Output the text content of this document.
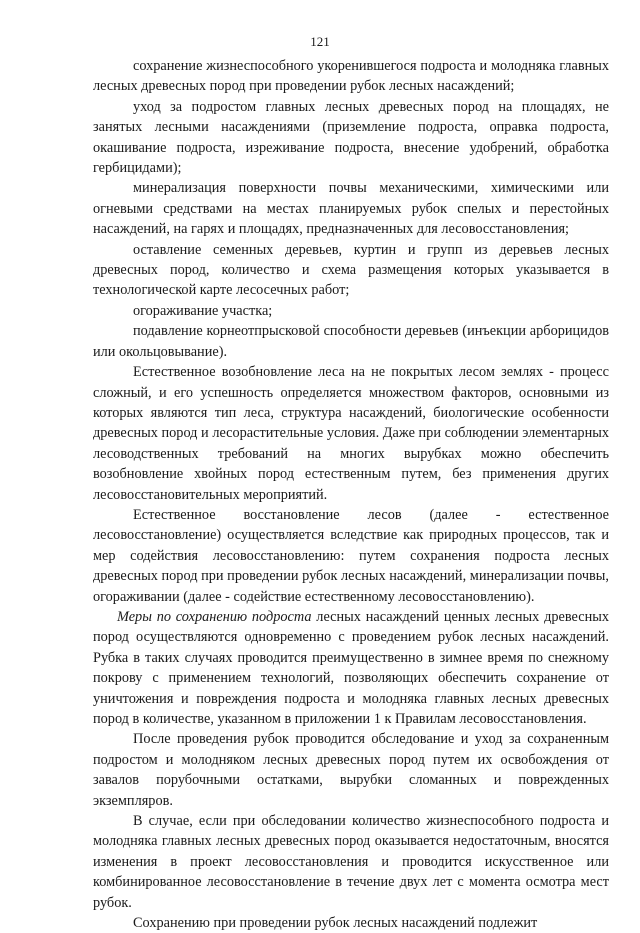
121

сохранение жизнеспособного укоренившегося подроста и молодняка главных лесных древесных пород при проведении рубок лесных насаждений;

уход за подростом главных лесных древесных пород на площадях, не занятых лесными насаждениями (приземление подроста, оправка подроста, окашивание подроста, изреживание подроста, внесение удобрений, обработка гербицидами);

минерализация поверхности почвы механическими, химическими или огневыми средствами на местах планируемых рубок спелых и перестойных насаждений, на гарях и площадях, предназначенных для лесовосстановления;

оставление семенных деревьев, куртин и групп из деревьев лесных древесных пород, количество и схема размещения которых указывается в технологической карте лесосечных работ;

огораживание участка;

подавление корнеотпрысковой способности деревьев (инъекции арборицидов или окольцовывание).

Естественное возобновление леса на не покрытых лесом землях - процесс сложный, и его успешность определяется множеством факторов, основными из которых являются тип леса, структура насаждений, биологические особенности древесных пород и лесорастительные условия. Даже при соблюдении элементарных лесоводственных требований на многих вырубках можно обеспечить возобновление хвойных пород естественным путем, без применения других лесовосстановительных мероприятий.

Естественное восстановление лесов (далее - естественное лесовосстановление) осуществляется вследствие как природных процессов, так и мер содействия лесовосстановлению: путем сохранения подроста лесных древесных пород при проведении рубок лесных насаждений, минерализации почвы, огораживании (далее - содействие естественному лесовосстановлению).

Меры по сохранению подроста лесных насаждений ценных лесных древесных пород осуществляются одновременно с проведением рубок лесных насаждений. Рубка в таких случаях проводится преимущественно в зимнее время по снежному покрову с применением технологий, позволяющих обеспечить сохранение от уничтожения и повреждения подроста и молодняка главных лесных древесных пород в количестве, указанном в приложении 1 к Правилам лесовосстановления.

После проведения рубок проводится обследование и уход за сохраненным подростом и молодняком лесных древесных пород путем их освобождения от завалов порубочными остатками, вырубки сломанных и поврежденных экземпляров.

В случае, если при обследовании количество жизнеспособного подроста и молодняка главных лесных древесных пород оказывается недостаточным, вносятся изменения в проект лесовосстановления и проводится искусственное или комбинированное лесовосстановление в течение двух лет с момента осмотра мест рубок.

Сохранению при проведении рубок лесных насаждений подлежит
